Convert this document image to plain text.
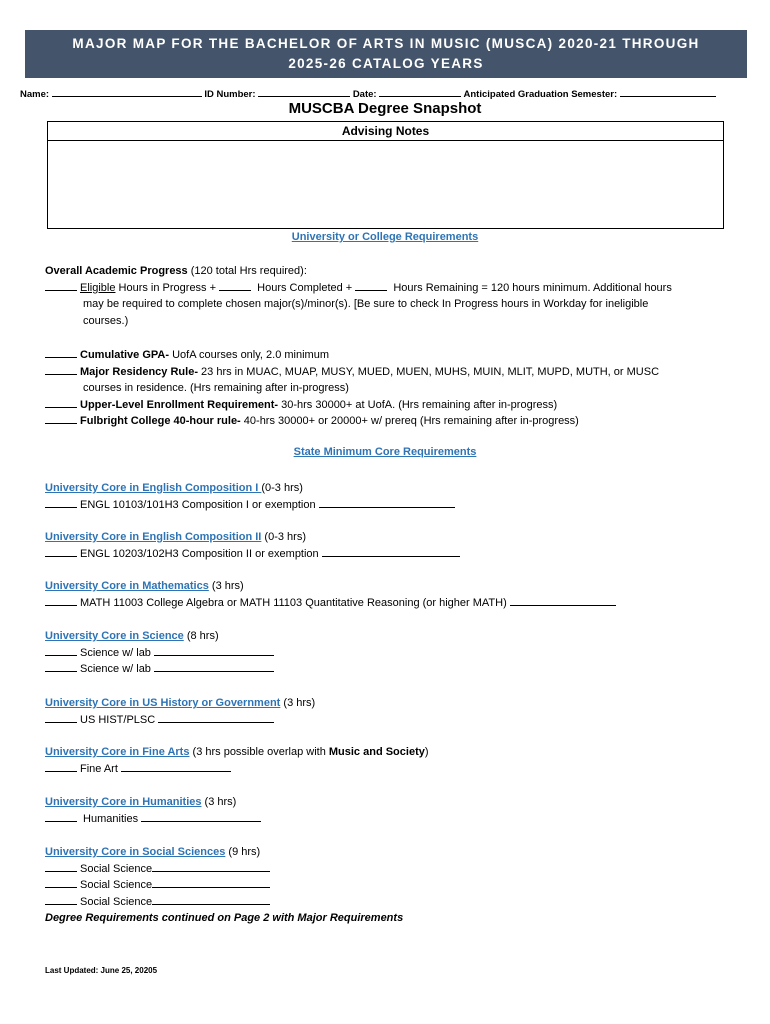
MAJOR MAP FOR THE BACHELOR OF ARTS IN MUSIC (MUSCA) 2020-21 THROUGH
2025-26 CATALOG YEARS
Name:	ID Number:	Date:	Anticipated Graduation Semester:
MUSCBA Degree Snapshot
Advising Notes
University or College Requirements

Overall Academic Progress (120 total Hrs required):

Eligible Hours in Progress +	Hours Completed +	Hours Remaining = 120 hours minimum. Additional hours

may be required to complete chosen major(s)/minor(s). [Be sure to check In Progress hours in Workday for ineligible

courses.)

Cumulative GPA- UofA courses only, 2.0 minimum

Major Residency Rule- 23 hrs in MUAC, MUAP, MUSY, MUED, MUEN, MUHS, MUIN, MLIT, MUPD, MUTH, or MUSC

courses in residence. (Hrs remaining after in-progress)

Upper-Level Enrollment Requirement- 30-hrs 30000+ at UofA. (Hrs remaining after in-progress)

Fulbright College 40-hour rule- 40-hrs 30000+ or 20000+ w/ prereq (Hrs remaining after in-progress)

State Minimum Core Requirements

University Core in English Composition I (0-3 hrs)

ENGL 10103/101H3 Composition I or exemption

University Core in English Composition II (0-3 hrs)

ENGL 10203/102H3 Composition II or exemption

University Core in Mathematics (3 hrs)

MATH 11003 College Algebra or MATH 11103 Quantitative Reasoning (or higher MATH)

University Core in Science (8 hrs)

Science w/ lab

Science w/ lab

University Core in US History or Government (3 hrs)

US HIST/PLSC

University Core in Fine Arts (3 hrs possible overlap with Music and Society)

Fine Art

University Core in Humanities (3 hrs)

Humanities

University Core in Social Sciences (9 hrs)

Social Science

Social Science

Social Science

Degree Requirements continued on Page 2 with Major Requirements

Last Updated: June 25, 20205
